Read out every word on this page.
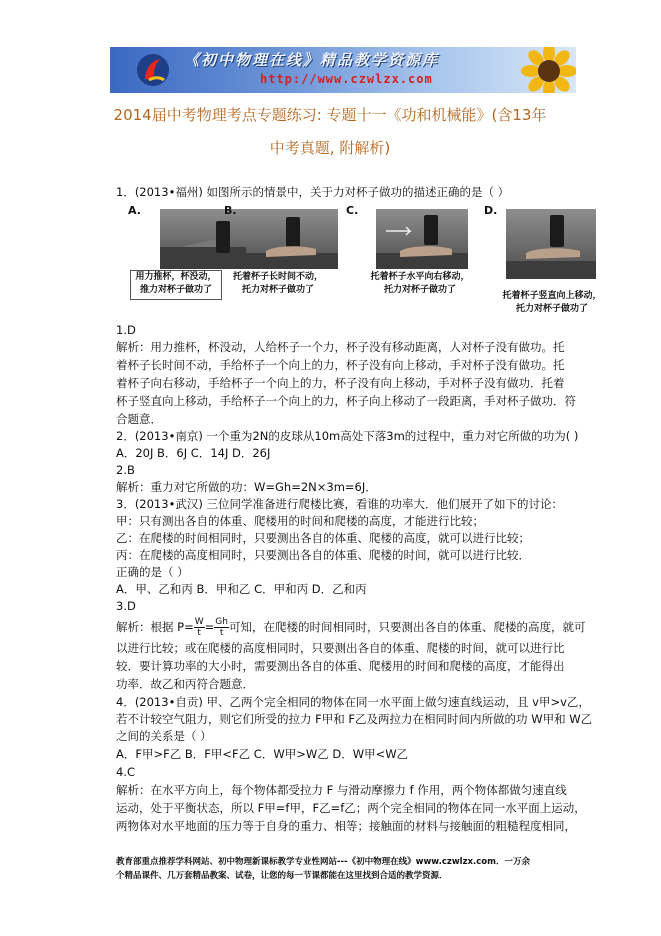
《初中物理在线》精品教学资源库
http://www.czwlzx.com
2014届中考物理考点专题练习: 专题十一《功和机械能》(含13年
中考真题, 附解析)
1．(2013•福州) 如图所示的情景中，关于力对杯子做功的描述正确的是（ ）
A.
用力推杯，杯没动，
推力对杯子做功了
B.
托着杯子长时间不动，
托力对杯子做功了
C.
托着杯子水平向右移动，
托力对杯子做功了
D.
托着杯子竖直向上移动，
托力对杯子做功了
1.D
解析：用力推杯，杯没动，人给杯子一个力，杯子没有移动距离，人对杯子没有做功。托
着杯子长时间不动，手给杯子一个向上的力，杯子没有向上移动，手对杯子没有做功。托
着杯子向右移动，手给杯子一个向上的力，杯子没有向上移动，手对杯子没有做功．托着
杯子竖直向上移动，手给杯子一个向上的力，杯子向上移动了一段距离，手对杯子做功．符
合题意．
2．(2013•南京) 一个重为2N的皮球从10m高处下落3m的过程中，重力对它所做的功为( )
A．20J B．6J C．14J D．26J
2.B
解析：重力对它所做的功：W=Gh=2N×3m=6J．
3．(2013•武汉) 三位同学准备进行爬楼比赛，看谁的功率大．他们展开了如下的讨论：
甲：只有测出各自的体重、爬楼用的时间和爬楼的高度，才能进行比较；
乙：在爬楼的时间相同时，只要测出各自的体重、爬楼的高度，就可以进行比较；
丙：在爬楼的高度相同时，只要测出各自的体重、爬楼的时间，就可以进行比较．
正确的是（ ）
A．甲、乙和丙 B．甲和乙 C．甲和丙 D．乙和丙
3.D
解析：根据 $P= \frac{W}{t} = \frac{Gh}{t}$ 可知，在爬楼的时间相同时，只要测出各自的体重、爬楼的高度，就可
以进行比较；或在爬楼的高度相同时，只要测出各自的体重、爬楼的时间，就可以进行比
较．要计算功率的大小时，需要测出各自的体重、爬楼用的时间和爬楼的高度，才能得出
功率．故乙和丙符合题意．
4．(2013•自贡) 甲、乙两个完全相同的物体在同一水平面上做匀速直线运动，且 v甲>v乙，
若不计较空气阻力，则它们所受的拉力 F甲和 F乙及两拉力在相同时间内所做的功 W甲和 W乙
之间的关系是（ ）
A．F甲>F乙 B．F甲<F乙 C．W甲>W乙 D．W甲<W乙
4.C
解析：在水平方向上，每个物体都受拉力 F 与滑动摩擦力 f 作用，两个物体都做匀速直线
运动，处于平衡状态，所以 F甲=f甲，F乙=f乙；两个完全相同的物体在同一水平面上运动，
两物体对水平地面的压力等于自身的重力、相等；接触面的材料与接触面的粗糙程度相同，
教育部重点推荐学科网站、初中物理新课标教学专业性网站---《初中物理在线》www.czwlzx.com．一万余
个精品课件、几万套精品教案、试卷，让您的每一节课都能在这里找到合适的教学资源．
